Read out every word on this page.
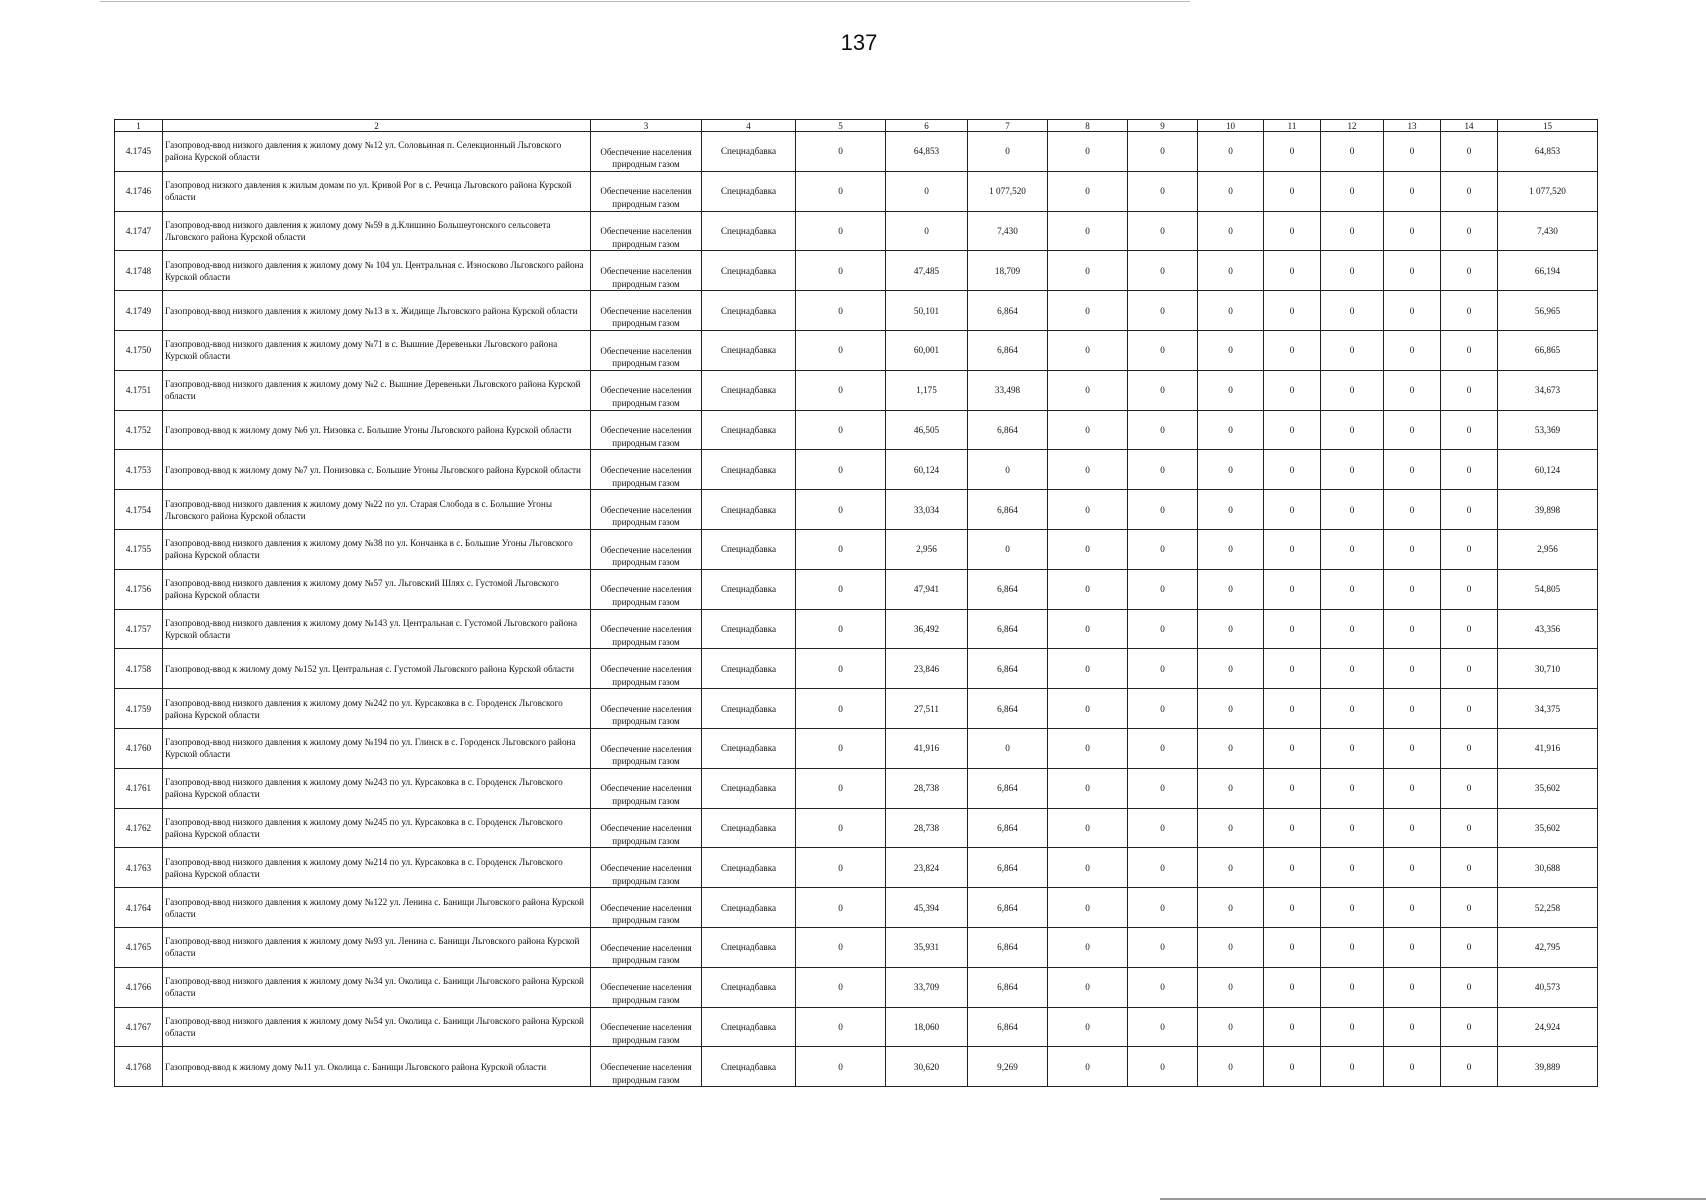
137
1	2	3	4	5	6	7	8	9	10	11	12	13	14	15
4.1745	Газопровод-ввод низкого давления к жилому дому №12 ул. Соловьиная п. Селекционный Льговского района Курской области	Обеспечение населения природным газом	Спецнадбавка	0	64,853	0	0	0	0	0	0	0	0	64,853
4.1746	Газопровод низкого давления к жилым домам по ул. Кривой Рог в с. Речица Льговского района Курской области	Обеспечение населения природным газом	Спецнадбавка	0	0	1 077,520	0	0	0	0	0	0	0	1 077,520
4.1747	Газопровод-ввод низкого давления к жилому дому №59 в д.Клишино Большеугонского сельсовета Льговского района Курской области	Обеспечение населения природным газом	Спецнадбавка	0	0	7,430	0	0	0	0	0	0	0	7,430
4.1748	Газопровод-ввод низкого давления к жилому дому № 104 ул. Центральная с. Износково Льговского района Курской области	Обеспечение населения природным газом	Спецнадбавка	0	47,485	18,709	0	0	0	0	0	0	0	66,194
4.1749	Газопровод-ввод низкого давления к жилому дому №13 в х. Жидище Льговского района Курской области	Обеспечение населения природным газом	Спецнадбавка	0	50,101	6,864	0	0	0	0	0	0	0	56,965
4.1750	Газопровод-ввод низкого давления к жилому дому №71 в с. Вышние Деревеньки Льговского района Курской области	Обеспечение населения природным газом	Спецнадбавка	0	60,001	6,864	0	0	0	0	0	0	0	66,865
4.1751	Газопровод-ввод низкого давления к жилому дому №2 с. Вышние Деревеньки Льговского района Курской области	Обеспечение населения природным газом	Спецнадбавка	0	1,175	33,498	0	0	0	0	0	0	0	34,673
4.1752	Газопровод-ввод к жилому дому №6 ул. Низовка с. Большие Угоны Льговского района Курской области	Обеспечение населения природным газом	Спецнадбавка	0	46,505	6,864	0	0	0	0	0	0	0	53,369
4.1753	Газопровод-ввод к жилому дому №7 ул. Понизовка с. Большие Угоны Льговского района Курской области	Обеспечение населения природным газом	Спецнадбавка	0	60,124	0	0	0	0	0	0	0	0	60,124
4.1754	Газопровод-ввод низкого давления к жилому дому №22 по ул. Старая Слобода в с. Большие Угоны Льговского района Курской области	Обеспечение населения природным газом	Спецнадбавка	0	33,034	6,864	0	0	0	0	0	0	0	39,898
4.1755	Газопровод-ввод низкого давления к жилому дому №38 по ул. Кончанка в с. Большие Угоны Льговского района Курской области	Обеспечение населения природным газом	Спецнадбавка	0	2,956	0	0	0	0	0	0	0	0	2,956
4.1756	Газопровод-ввод низкого давления к жилому дому №57 ул. Льговский Шлях с. Густомой Льговского района Курской области	Обеспечение населения природным газом	Спецнадбавка	0	47,941	6,864	0	0	0	0	0	0	0	54,805
4.1757	Газопровод-ввод низкого давления к жилому дому №143 ул. Центральная с. Густомой Льговского района Курской области	Обеспечение населения природным газом	Спецнадбавка	0	36,492	6,864	0	0	0	0	0	0	0	43,356
4.1758	Газопровод-ввод к жилому дому №152 ул. Центральная с. Густомой Льговского района Курской области	Обеспечение населения природным газом	Спецнадбавка	0	23,846	6,864	0	0	0	0	0	0	0	30,710
4.1759	Газопровод-ввод низкого давления к жилому дому №242 по ул. Курсаковка в с. Городенск Льговского района Курской области	Обеспечение населения природным газом	Спецнадбавка	0	27,511	6,864	0	0	0	0	0	0	0	34,375
4.1760	Газопровод-ввод низкого давления к жилому дому №194 по ул. Глинск в с. Городенск Льговского района Курской области	Обеспечение населения природным газом	Спецнадбавка	0	41,916	0	0	0	0	0	0	0	0	41,916
4.1761	Газопровод-ввод низкого давления к жилому дому №243 по ул. Курсаковка в с. Городенск Льговского района Курской области	Обеспечение населения природным газом	Спецнадбавка	0	28,738	6,864	0	0	0	0	0	0	0	35,602
4.1762	Газопровод-ввод низкого давления к жилому дому №245 по ул. Курсаковка в с. Городенск Льговского района Курской области	Обеспечение населения природным газом	Спецнадбавка	0	28,738	6,864	0	0	0	0	0	0	0	35,602
4.1763	Газопровод-ввод низкого давления к жилому дому №214 по ул. Курсаковка в с. Городенск Льговского района Курской области	Обеспечение населения природным газом	Спецнадбавка	0	23,824	6,864	0	0	0	0	0	0	0	30,688
4.1764	Газопровод-ввод низкого давления к жилому дому №122 ул. Ленина с. Банищи Льговского района Курской области	Обеспечение населения природным газом	Спецнадбавка	0	45,394	6,864	0	0	0	0	0	0	0	52,258
4.1765	Газопровод-ввод низкого давления к жилому дому №93 ул. Ленина с. Банищи Льговского района Курской области	Обеспечение населения природным газом	Спецнадбавка	0	35,931	6,864	0	0	0	0	0	0	0	42,795
4.1766	Газопровод-ввод низкого давления к жилому дому №34 ул. Околица с. Банищи Льговского района Курской области	Обеспечение населения природным газом	Спецнадбавка	0	33,709	6,864	0	0	0	0	0	0	0	40,573
4.1767	Газопровод-ввод низкого давления к жилому дому №54 ул. Околица с. Банищи Льговского района Курской области	Обеспечение населения природным газом	Спецнадбавка	0	18,060	6,864	0	0	0	0	0	0	0	24,924
4.1768	Газопровод-ввод к жилому дому №11 ул. Околица с. Банищи Льговского района Курской области	Обеспечение населения природным газом	Спецнадбавка	0	30,620	9,269	0	0	0	0	0	0	0	39,889
